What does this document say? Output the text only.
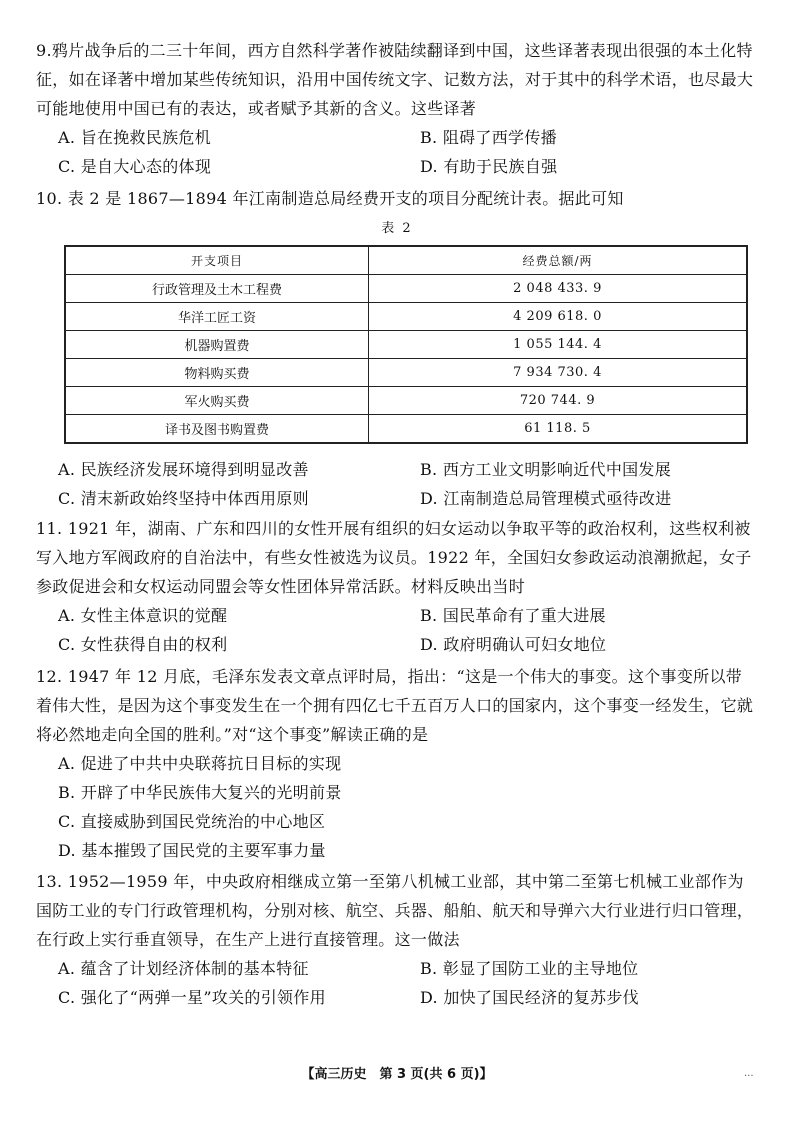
9.鸦片战争后的二三十年间，西方自然科学著作被陆续翻译到中国，这些译著表现出很强的本土化特征，如在译著中增加某些传统知识，沿用中国传统文字、记数方法，对于其中的科学术语，也尽最大可能地使用中国已有的表达，或者赋予其新的含义。这些译著
A. 旨在挽救民族危机	B. 阻碍了西学传播
C. 是自大心态的体现	D. 有助于民族自强
10. 表 2 是 1867—1894 年江南制造总局经费开支的项目分配统计表。据此可知
表 2
开支项目	经费总额/两
行政管理及土木工程费	2 048 433. 9
华洋工匠工资	4 209 618. 0
机器购置费	1 055 144. 4
物料购买费	7 934 730. 4
军火购买费	720 744. 9
译书及图书购置费	61 118. 5
A. 民族经济发展环境得到明显改善	B. 西方工业文明影响近代中国发展
C. 清末新政始终坚持中体西用原则	D. 江南制造总局管理模式亟待改进
11. 1921 年，湖南、广东和四川的女性开展有组织的妇女运动以争取平等的政治权利，这些权利被写入地方军阀政府的自治法中，有些女性被选为议员。1922 年，全国妇女参政运动浪潮掀起，女子参政促进会和女权运动同盟会等女性团体异常活跃。材料反映出当时
A. 女性主体意识的觉醒	B. 国民革命有了重大进展
C. 女性获得自由的权利	D. 政府明确认可妇女地位
12. 1947 年 12 月底，毛泽东发表文章点评时局，指出：“这是一个伟大的事变。这个事变所以带着伟大性，是因为这个事变发生在一个拥有四亿七千五百万人口的国家内，这个事变一经发生，它就将必然地走向全国的胜利。”对“这个事变”解读正确的是
A. 促进了中共中央联蒋抗日目标的实现
B. 开辟了中华民族伟大复兴的光明前景
C. 直接威胁到国民党统治的中心地区
D. 基本摧毁了国民党的主要军事力量
13. 1952—1959 年，中央政府相继成立第一至第八机械工业部，其中第二至第七机械工业部作为国防工业的专门行政管理机构，分别对核、航空、兵器、船舶、航天和导弹六大行业进行归口管理，在行政上实行垂直领导，在生产上进行直接管理。这一做法
A. 蕴含了计划经济体制的基本特征	B. 彰显了国防工业的主导地位
C. 强化了“两弹一星”攻关的引领作用	D. 加快了国民经济的复苏步伐
【高三历史　第 3 页(共 6 页)】	...
